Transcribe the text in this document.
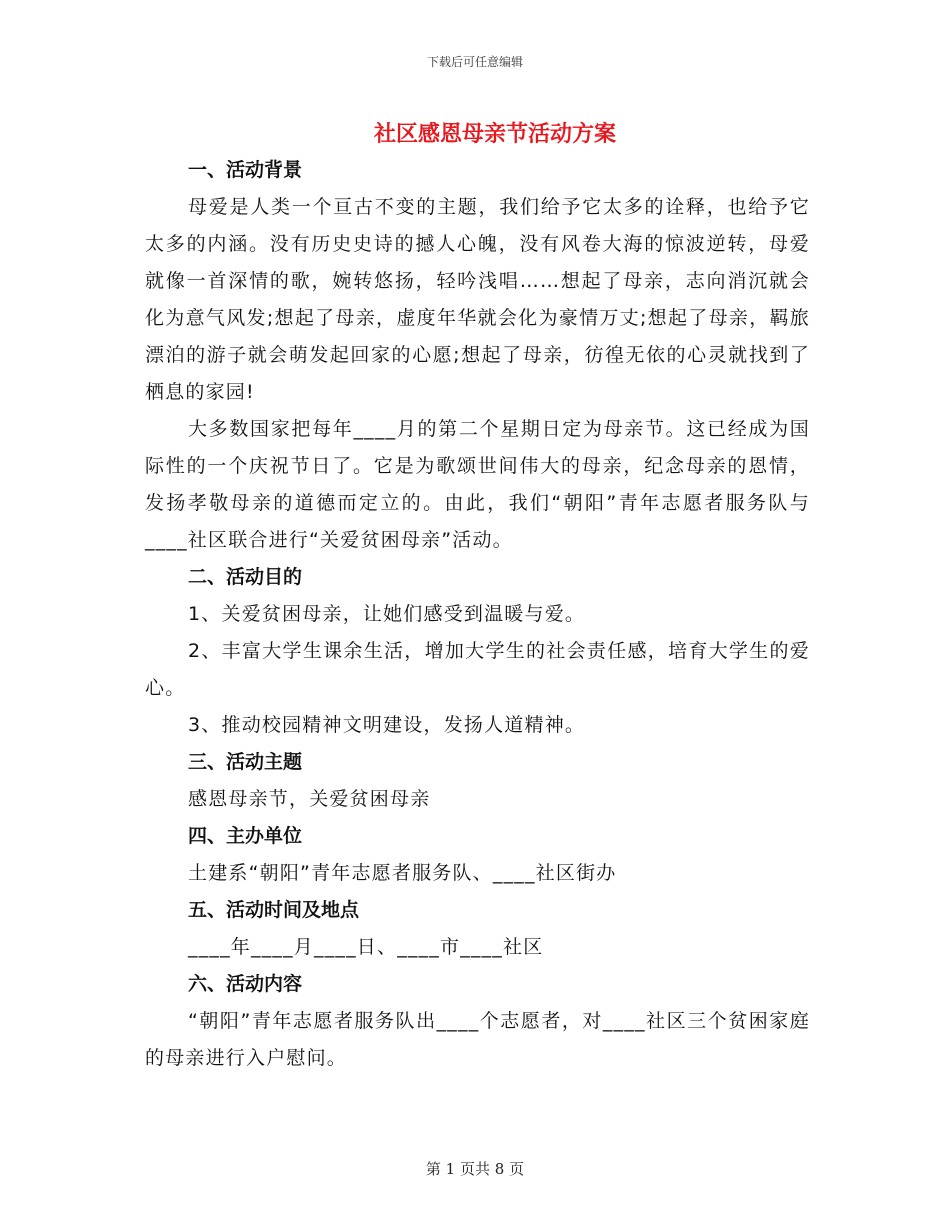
下载后可任意编辑
社区感恩母亲节活动方案
一、活动背景

母爱是人类一个亘古不变的主题，我们给予它太多的诠释，也给予它太多的内涵。没有历史史诗的撼人心魄，没有风卷大海的惊波逆转，母爱就像一首深情的歌，婉转悠扬，轻吟浅唱……想起了母亲，志向消沉就会化为意气风发;想起了母亲，虚度年华就会化为豪情万丈;想起了母亲，羁旅漂泊的游子就会萌发起回家的心愿;想起了母亲，彷徨无依的心灵就找到了栖息的家园!

大多数国家把每年____月的第二个星期日定为母亲节。这已经成为国际性的一个庆祝节日了。它是为歌颂世间伟大的母亲，纪念母亲的恩情，发扬孝敬母亲的道德而定立的。由此，我们“朝阳”青年志愿者服务队与____社区联合进行“关爱贫困母亲”活动。

二、活动目的

1、关爱贫困母亲，让她们感受到温暖与爱。

2、丰富大学生课余生活，增加大学生的社会责任感，培育大学生的爱心。

3、推动校园精神文明建设，发扬人道精神。

三、活动主题

感恩母亲节，关爱贫困母亲

四、主办单位

土建系“朝阳”青年志愿者服务队、____社区街办

五、活动时间及地点

____年____月____日、____市____社区

六、活动内容

“朝阳”青年志愿者服务队出____个志愿者，对____社区三个贫困家庭的母亲进行入户慰问。

第 1 页共 8 页
